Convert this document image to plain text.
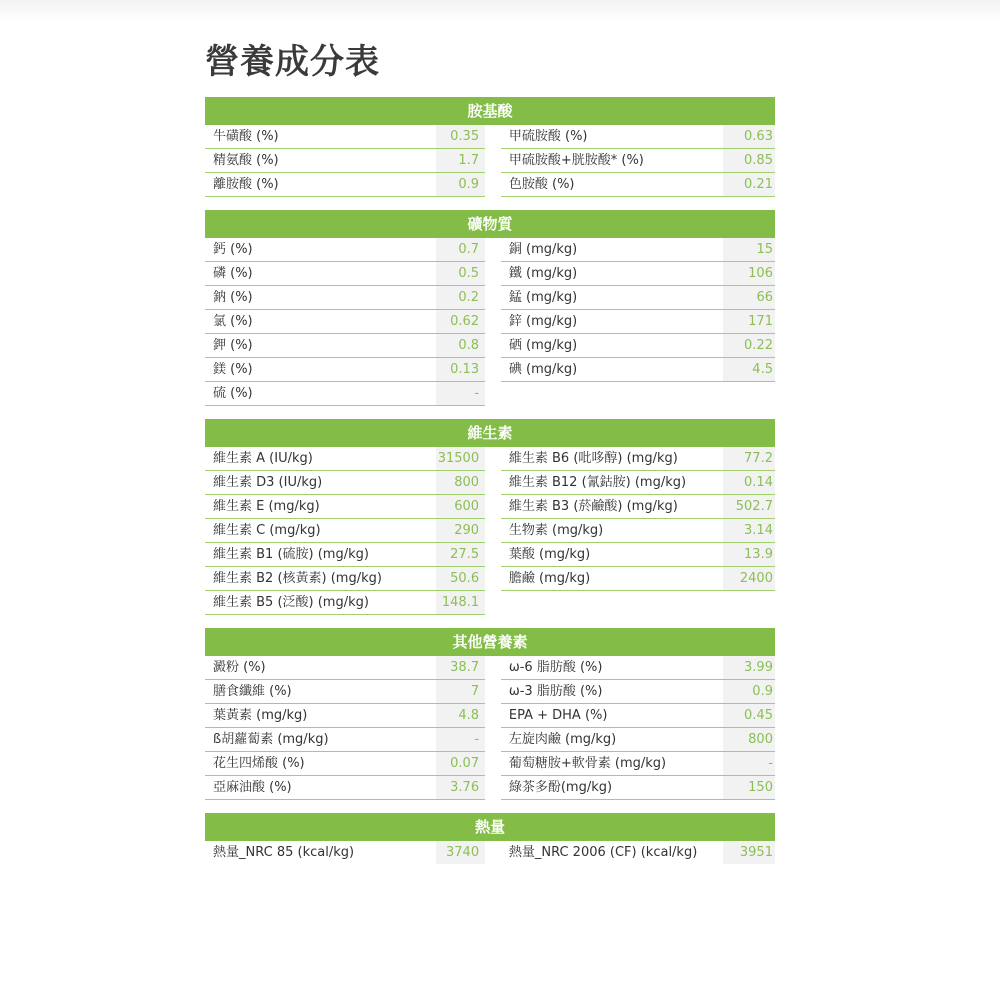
營養成分表
胺基酸
牛磺酸 (%)	0.35	甲硫胺酸 (%)	0.63
精氨酸 (%)	1.7	甲硫胺酸+胱胺酸* (%)	0.85
離胺酸 (%)	0.9	色胺酸 (%)	0.21
礦物質
鈣 (%)	0.7	銅 (mg/kg)	15
磷 (%)	0.5	鐵 (mg/kg)	106
鈉 (%)	0.2	錳 (mg/kg)	66
氯 (%)	0.62	鋅 (mg/kg)	171
鉀 (%)	0.8	硒 (mg/kg)	0.22
鎂 (%)	0.13	碘 (mg/kg)	4.5
硫 (%)	-
維生素
維生素 A (IU/kg)	31500	維生素 B6 (吡哆醇) (mg/kg)	77.2
維生素 D3 (IU/kg)	800	維生素 B12 (氰鈷胺) (mg/kg)	0.14
維生素 E (mg/kg)	600	維生素 B3 (菸鹼酸) (mg/kg)	502.7
維生素 C (mg/kg)	290	生物素 (mg/kg)	3.14
維生素 B1 (硫胺) (mg/kg)	27.5	葉酸 (mg/kg)	13.9
維生素 B2 (核黃素) (mg/kg)	50.6	膽鹼 (mg/kg)	2400
維生素 B5 (泛酸) (mg/kg)	148.1
其他營養素
澱粉 (%)	38.7	ω-6 脂肪酸 (%)	3.99
膳食纖維 (%)	7	ω-3 脂肪酸 (%)	0.9
葉黃素 (mg/kg)	4.8	EPA + DHA (%)	0.45
ß胡蘿蔔素 (mg/kg)	-	左旋肉鹼 (mg/kg)	800
花生四烯酸 (%)	0.07	葡萄糖胺+軟骨素 (mg/kg)	-
亞麻油酸 (%)	3.76	綠茶多酚(mg/kg)	150
熱量
熱量_NRC 85 (kcal/kg)	3740	熱量_NRC 2006 (CF) (kcal/kg)	3951
